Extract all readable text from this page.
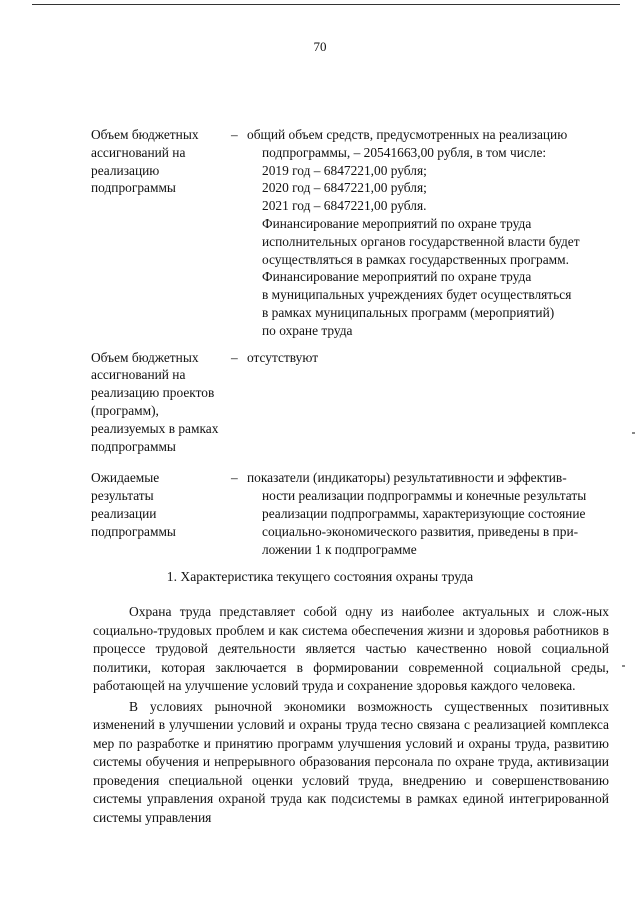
70
Объем бюджетных
ассигнований на
реализацию
подпрограммы
– общий объем средств, предусмотренных на реализацию
подпрограммы, – 20541663,00 рубля, в том числе:
2019 год – 6847221,00 рубля;
2020 год – 6847221,00 рубля;
2021 год – 6847221,00 рубля.
Финансирование мероприятий по охране труда
исполнительных органов государственной власти будет
осуществляться в рамках государственных программ.
Финансирование мероприятий по охране труда
в муниципальных учреждениях будет осуществляться
в рамках муниципальных программ (мероприятий)
по охране труда
Объем бюджетных
ассигнований на
реализацию проектов
(программ),
реализуемых в рамках
подпрограммы
– отсутствуют
Ожидаемые
результаты
реализации
подпрограммы
– показатели (индикаторы) результативности и эффектив-
ности реализации подпрограммы и конечные результаты
реализации подпрограммы, характеризующие состояние
социально-экономического развития, приведены в при-
ложении 1 к подпрограмме
1. Характеристика текущего состояния охраны труда

Охрана труда представляет собой одну из наиболее актуальных и слож-ных социально-трудовых проблем и как система обеспечения жизни и здоровья работников в процессе трудовой деятельности является частью качественно новой социальной политики, которая заключается в формировании современной социальной среды, работающей на улучшение условий труда и сохранение здоровья каждого человека.

В условиях рыночной экономики возможность существенных позитивных изменений в улучшении условий и охраны труда тесно связана с реализацией комплекса мер по разработке и принятию программ улучшения условий и охраны труда, развитию системы обучения и непрерывного образования персонала по охране труда, активизации проведения специальной оценки условий труда, внедрению и совершенствованию системы управления охраной труда как подсистемы в рамках единой интегрированной системы управления
